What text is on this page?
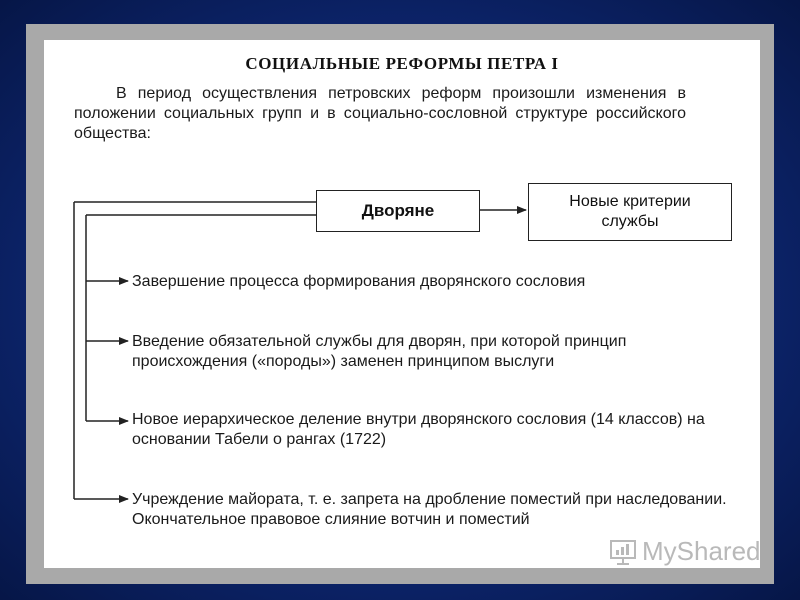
СОЦИАЛЬНЫЕ РЕФОРМЫ ПЕТРА I
В период осуществления петровских реформ произошли изменения в положении социальных групп и в социально-сословной структуре российского общества:
Дворяне	Новые критерии службы
Завершение процесса формирования дворянского сословия
Введение обязательной службы для дворян, при которой принцип происхождения («породы») заменен принципом выслуги
Новое иерархическое деление внутри дворянского сословия (14 классов) на основании Табели о рангах (1722)
Учреждение майората, т. е. запрета на дробление поместий при наследовании. Окончательное правовое слияние вотчин и поместий
MyShared
